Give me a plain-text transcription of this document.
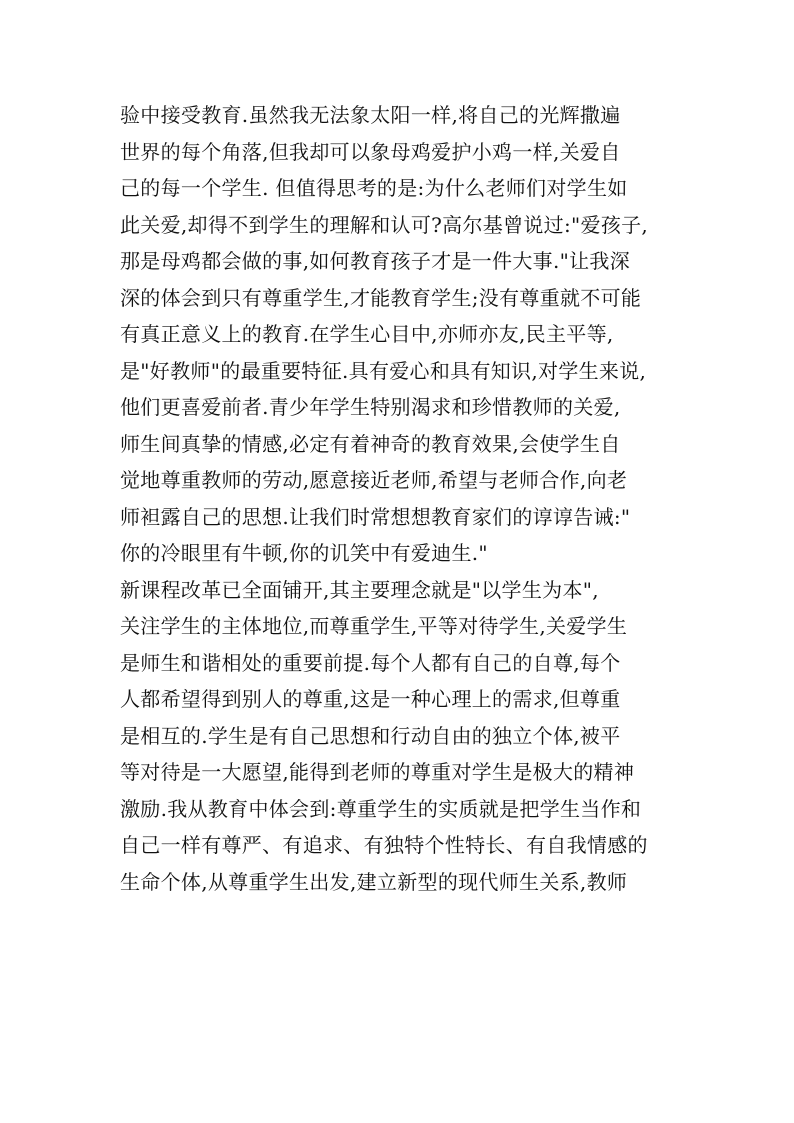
验中接受教育.虽然我无法象太阳一样,将自己的光辉撒遍
世界的每个角落,但我却可以象母鸡爱护小鸡一样,关爱自
己的每一个学生. 但值得思考的是:为什么老师们对学生如
此关爱,却得不到学生的理解和认可?高尔基曾说过:"爱孩子,
那是母鸡都会做的事,如何教育孩子才是一件大事."让我深
深的体会到只有尊重学生,才能教育学生;没有尊重就不可能
有真正意义上的教育.在学生心目中,亦师亦友,民主平等,
是"好教师"的最重要特征.具有爱心和具有知识,对学生来说,
他们更喜爱前者.青少年学生特别渴求和珍惜教师的关爱,
师生间真挚的情感,必定有着神奇的教育效果,会使学生自
觉地尊重教师的劳动,愿意接近老师,希望与老师合作,向老
师袒露自己的思想.让我们时常想想教育家们的谆谆告诫:"
你的冷眼里有牛顿,你的讥笑中有爱迪生."
新课程改革已全面铺开,其主要理念就是"以学生为本",
关注学生的主体地位,而尊重学生,平等对待学生,关爱学生
是师生和谐相处的重要前提.每个人都有自己的自尊,每个
人都希望得到别人的尊重,这是一种心理上的需求,但尊重
是相互的.学生是有自己思想和行动自由的独立个体,被平
等对待是一大愿望,能得到老师的尊重对学生是极大的精神
激励.我从教育中体会到:尊重学生的实质就是把学生当作和
自己一样有尊严、有追求、有独特个性特长、有自我情感的
生命个体,从尊重学生出发,建立新型的现代师生关系,教师
